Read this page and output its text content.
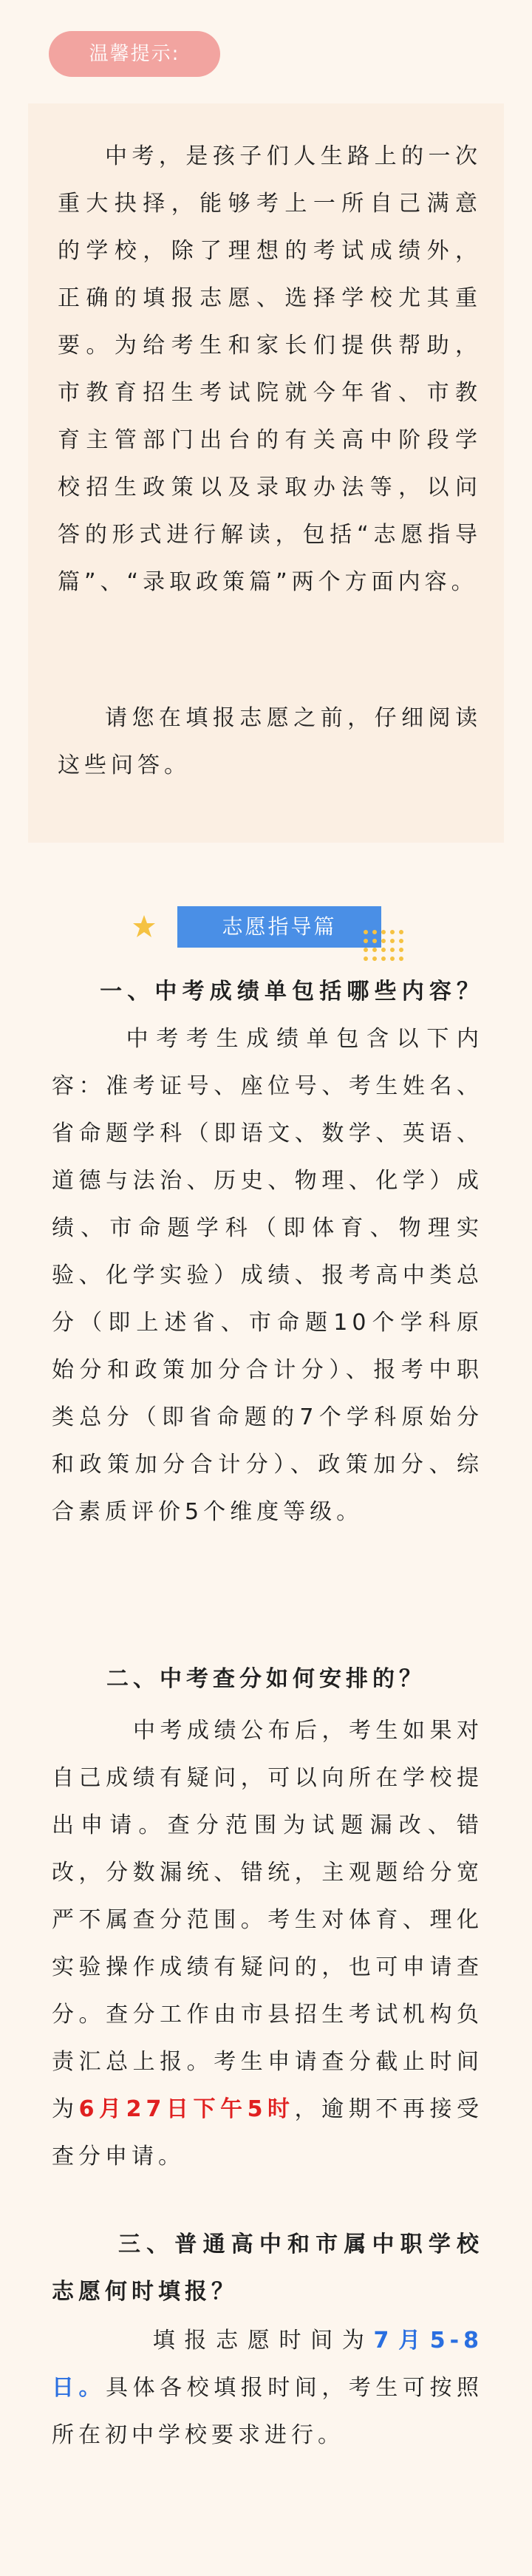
温馨提示:

中考，是孩子们人生路上的一次重大抉择，能够考上一所自己满意的学校，除了理想的考试成绩外，正确的填报志愿、选择学校尤其重要。为给考生和家长们提供帮助，市教育招生考试院就今年省、市教育主管部门出台的有关高中阶段学校招生政策以及录取办法等，以问答的形式进行解读，包括“志愿指导篇”、“录取政策篇”两个方面内容。

请您在填报志愿之前，仔细阅读这些问答。

志愿指导篇

一、中考成绩单包括哪些内容？中考考生成绩单包含以下内容：准考证号、座位号、考生姓名、省命题学科（即语文、数学、英语、道德与法治、历史、物理、化学）成绩、市命题学科（即体育、物理实验、化学实验）成绩、报考高中类总分（即上述省、市命题10个学科原始分和政策加分合计分）、报考中职类总分（即省命题的7个学科原始分和政策加分合计分）、政策加分、综合素质评价5个维度等级。

二、中考查分如何安排的？

中考成绩公布后，考生如果对自己成绩有疑问，可以向所在学校提出申请。查分范围为试题漏改、错改，分数漏统、错统，主观题给分宽严不属查分范围。考生对体育、理化实验操作成绩有疑问的，也可申请查分。查分工作由市县招生考试机构负责汇总上报。考生申请查分截止时间为6月27日下午5时，逾期不再接受查分申请。

三、普通高中和市属中职学校志愿何时填报？

填报志愿时间为7月5-8日。具体各校填报时间，考生可按照所在初中学校要求进行。
